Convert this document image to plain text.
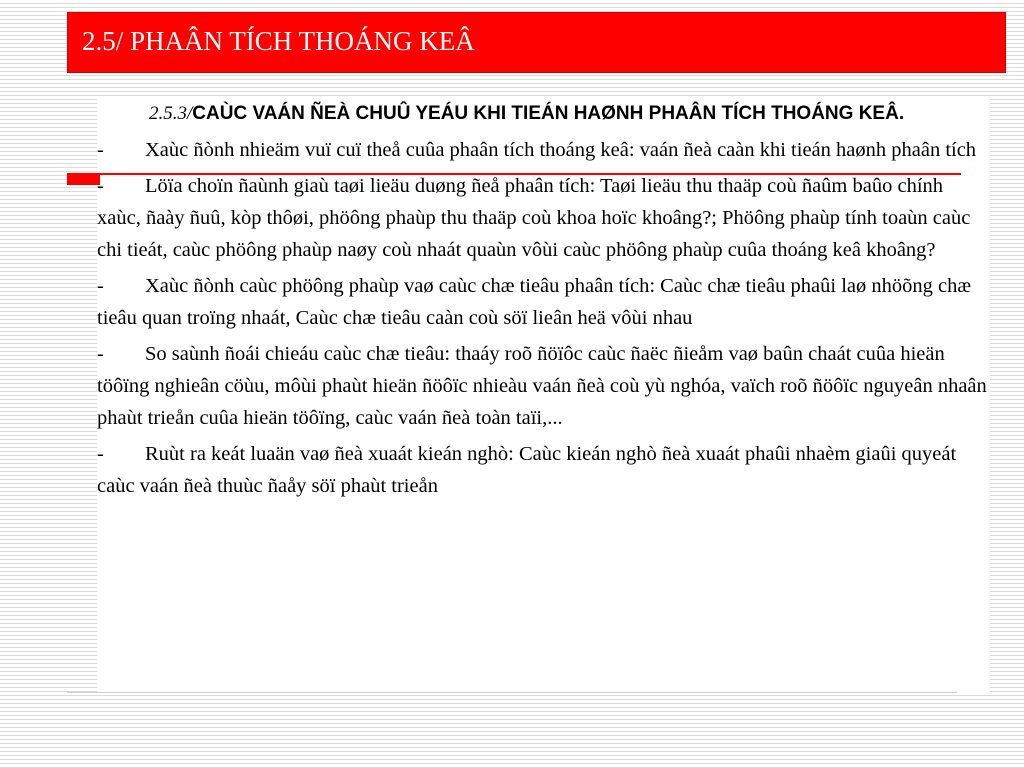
2.5/ PHAÂN TÍCH THOÁNG KEÂ

2.5.3/CAÙC VAÁN ÑEÀ CHUÛ YEÁU KHI TIEÁN HAØNH PHAÂN TÍCH THOÁNG KEÂ.

- Xaùc ñònh nhieäm vuï cuï theå cuûa phaân tích thoáng keâ: vaán ñeà caàn khi tieán haønh phaân tích

- Löïa choïn ñaùnh giaù taøi lieäu duøng ñeå phaân tích: Taøi lieäu thu thaäp coù ñaûm baûo chính xaùc, ñaày ñuû, kòp thôøi, phöông phaùp thu thaäp coù khoa hoïc khoâng?; Phöông phaùp tính toaùn caùc chi tieát, caùc phöông phaùp naøy coù nhaát quaùn vôùi caùc phöông phaùp cuûa thoáng keâ khoâng?

- Xaùc ñònh caùc phöông phaùp vaø caùc chæ tieâu phaân tích: Caùc chæ tieâu phaûi laø nhöõng chæ tieâu quan troïng nhaát, Caùc chæ tieâu caàn coù söï lieân heä vôùi nhau

- So saùnh ñoái chieáu caùc chæ tieâu: thaáy roõ ñöïôc caùc ñaëc ñieåm vaø baûn chaát cuûa hieän töôïng nghieân cöùu, môùi phaùt hieän ñöôïc nhieàu vaán ñeà coù yù nghóa, vaïch roõ ñöôïc nguyeân nhaân phaùt trieån cuûa hieän töôïng, caùc vaán ñeà toàn taïi,...

- Ruùt ra keát luaän vaø ñeà xuaát kieán nghò: Caùc kieán nghò ñeà xuaát phaûi nhaèm giaûi quyeát caùc vaán ñeà thuùc ñaåy söï phaùt trieån
